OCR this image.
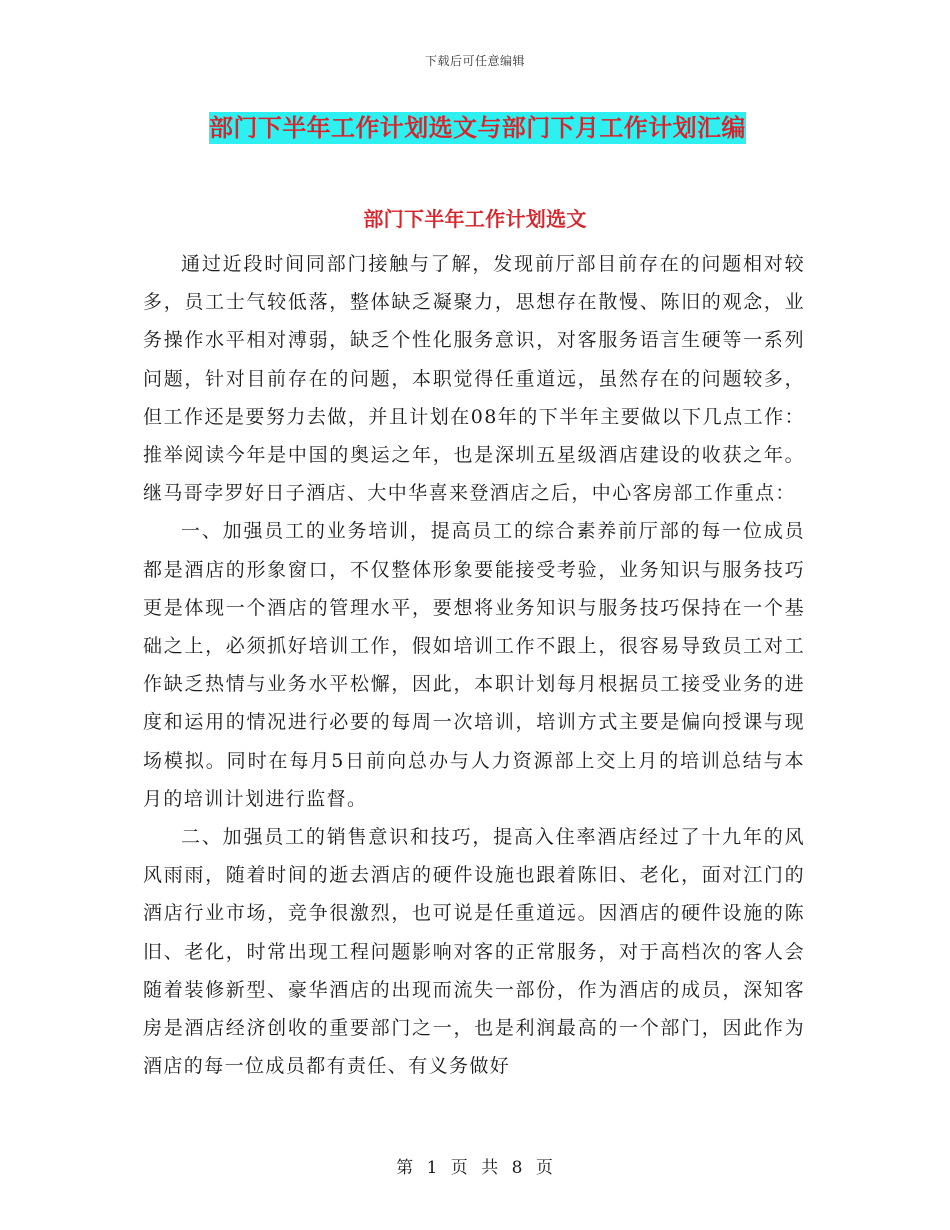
下载后可任意编辑
部门下半年工作计划选文与部门下月工作计划汇编
部门下半年工作计划选文

通过近段时间同部门接触与了解，发现前厅部目前存在的问题相对较多，员工士气较低落，整体缺乏凝聚力，思想存在散慢、陈旧的观念，业务操作水平相对溥弱，缺乏个性化服务意识，对客服务语言生硬等一系列问题，针对目前存在的问题，本职觉得任重道远，虽然存在的问题较多，但工作还是要努力去做，并且计划在08年的下半年主要做以下几点工作： 推举阅读今年是中国的奥运之年，也是深圳五星级酒店建设的收获之年。继马哥孛罗好日子酒店、大中华喜来登酒店之后，中心客房部工作重点：

一、加强员工的业务培训，提高员工的综合素养前厅部的每一位成员都是酒店的形象窗口，不仅整体形象要能接受考验，业务知识与服务技巧更是体现一个酒店的管理水平，要想将业务知识与服务技巧保持在一个基础之上，必须抓好培训工作，假如培训工作不跟上，很容易导致员工对工作缺乏热情与业务水平松懈，因此，本职计划每月根据员工接受业务的进度和运用的情况进行必要的每周一次培训，培训方式主要是偏向授课与现场模拟。同时在每月5日前向总办与人力资源部上交上月的培训总结与本月的培训计划进行监督。

二、加强员工的销售意识和技巧，提高入住率酒店经过了十九年的风风雨雨，随着时间的逝去酒店的硬件设施也跟着陈旧、老化，面对江门的酒店行业市场，竞争很激烈，也可说是任重道远。因酒店的硬件设施的陈旧、老化，时常出现工程问题影响对客的正常服务，对于高档次的客人会随着装修新型、豪华酒店的出现而流失一部份，作为酒店的成员，深知客房是酒店经济创收的重要部门之一，也是利润最高的一个部门，因此作为酒店的每一位成员都有责任、有义务做好

第 1 页 共 8 页
